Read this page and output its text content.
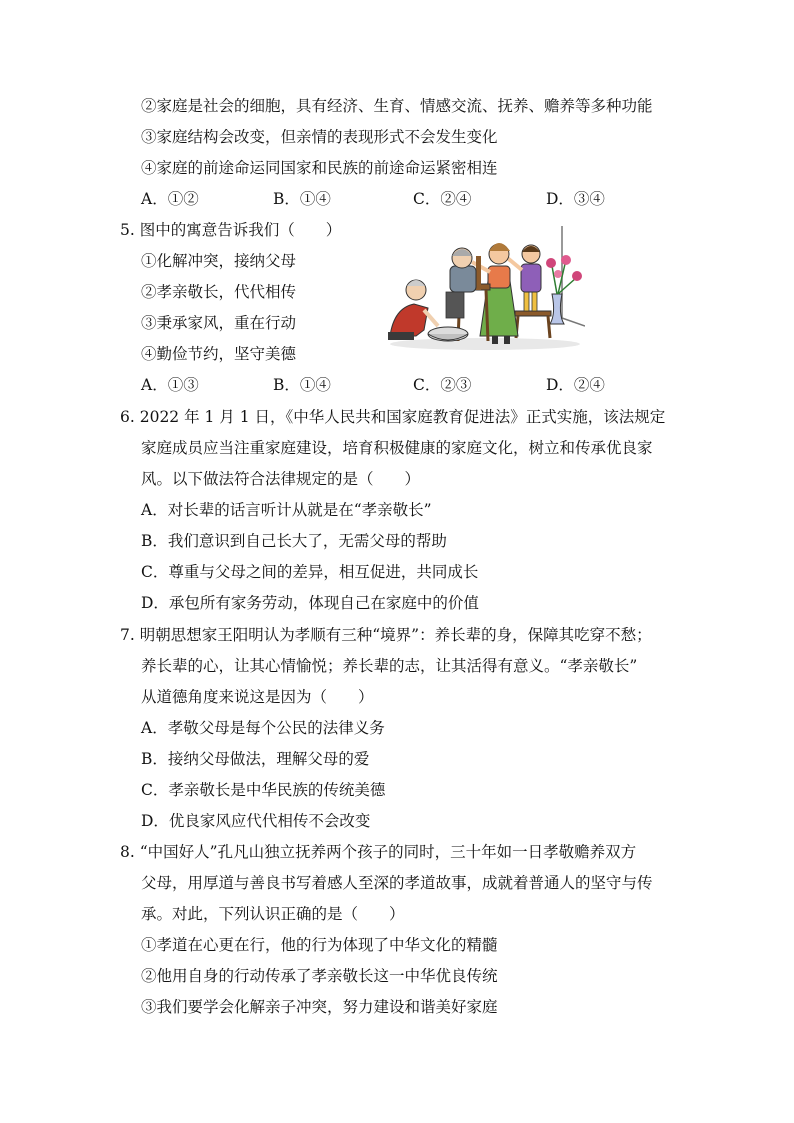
②家庭是社会的细胞，具有经济、生育、情感交流、抚养、赡养等多种功能
③家庭结构会改变，但亲情的表现形式不会发生变化
④家庭的前途命运同国家和民族的前途命运紧密相连
A．①②	B．①④	C．②④	D．③④
5. 图中的寓意告诉我们（　　）
①化解冲突，接纳父母
②孝亲敬长，代代相传
③秉承家风，重在行动
④勤俭节约，坚守美德
A．①③	B．①④	C．②③	D．②④
6. 2022 年 1 月 1 日，《中华人民共和国家庭教育促进法》正式实施，该法规定
家庭成员应当注重家庭建设，培育积极健康的家庭文化，树立和传承优良家
风。以下做法符合法律规定的是（　　）
A．对长辈的话言听计从就是在“孝亲敬长”
B．我们意识到自己长大了，无需父母的帮助
C．尊重与父母之间的差异，相互促进，共同成长
D．承包所有家务劳动，体现自己在家庭中的价值
7. 明朝思想家王阳明认为孝顺有三种“境界”：养长辈的身，保障其吃穿不愁；
养长辈的心，让其心情愉悦；养长辈的志，让其活得有意义。“孝亲敬长”
从道德角度来说这是因为（　　）
A．孝敬父母是每个公民的法律义务
B．接纳父母做法，理解父母的爱
C．孝亲敬长是中华民族的传统美德
D．优良家风应代代相传不会改变
8. “中国好人”孔凡山独立抚养两个孩子的同时，三十年如一日孝敬赡养双方
父母，用厚道与善良书写着感人至深的孝道故事，成就着普通人的坚守与传
承。对此，下列认识正确的是（　　）
①孝道在心更在行，他的行为体现了中华文化的精髓
②他用自身的行动传承了孝亲敬长这一中华优良传统
③我们要学会化解亲子冲突，努力建设和谐美好家庭
